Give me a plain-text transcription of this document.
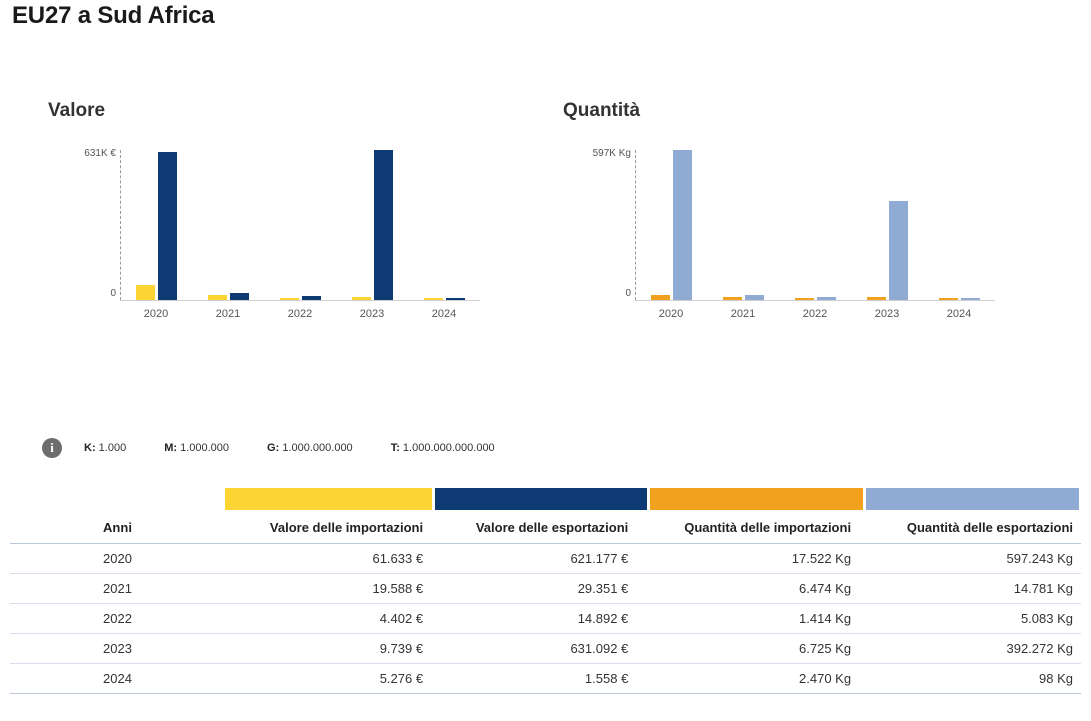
EU27 a Sud Africa
Valore
631K €
0
2020	2021	2022	2023	2024
Quantità
597K Kg
0
2020	2021	2022	2023	2024
i	K: 1.000	M: 1.000.000	G: 1.000.000.000	T: 1.000.000.000.000
Anni	Valore delle importazioni	Valore delle esportazioni	Quantità delle importazioni	Quantità delle esportazioni
2020	61.633 €	621.177 €	17.522 Kg	597.243 Kg
2021	19.588 €	29.351 €	6.474 Kg	14.781 Kg
2022	4.402 €	14.892 €	1.414 Kg	5.083 Kg
2023	9.739 €	631.092 €	6.725 Kg	392.272 Kg
2024	5.276 €	1.558 €	2.470 Kg	98 Kg
